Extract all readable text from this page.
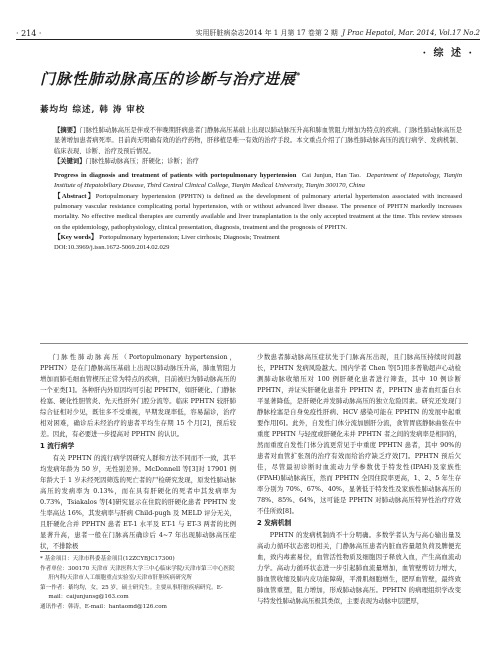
· 214 ·	实用肝脏病杂志2014 年 1 月第 17 卷第 2 期 J Prac Hepatol, Mar. 2014, Vol.17 No.2
· 综 述 ·
门脉性肺动脉高压的诊断与治疗进展*
綦均均 综述, 韩 涛 审校

【摘要】门脉性肺动脉高压是伴或不伴晚期肝病患者门静脉高压基础上出现以肺动脉压升高和肺血管阻力增加为特点的疾病。门脉性肺动脉高压是显著增加患者病死率。目前尚无明确有效的治疗药物，肝移植是唯一有效的治疗手段。本文重点介绍了门脉性肺动脉高压的流行病学、发病机制、临床表现、诊断、治疗及预后情况。

【关键词】门脉性肺动脉高压；肝硬化；诊断；治疗

Progress in diagnosis and treatment of patients with portopulmonary hypertension Cai Junjun, Han Tao. Department of Hepatology, Tianjin Institute of Hepatobiliary Disease, Third Central Clinical College, Tianjin Medical University, Tianjin 300170, China

【Abstract】Portopulmonary hypertension (PPHTN) is defined as the development of pulmonary arterial hypertension associated with increased pulmonary vascular resistance complicating portal hypertension, with or without advanced liver disease. The presence of PPHTN markedly increases mortality. No effective medical therapies are currently available and liver transplantation is the only accepted treatment at the time. This review stresses on the epidemiology, pathophysiology, clinical presentation, diagnosis, treatment and the prognosis of PPHTN.

【Key words】 Portopulmonary hypertension; Liver cirrhosis; Diagnosis; Treatment

DOI:10.3969/j.issn.1672-5069.2014.02.029

门脉性肺动脉高压（Portopulmonary hypertension，PPHTN）是在门静脉高压基础上出现以肺动脉压升高，肺血管阻力增加而肺毛细血管楔压正常为特点的疾病，目前被归为肺动脉高压的一个亚类[1]。各种肝内外原因均可引起 PPHTN，如肝硬化、门静脉栓塞、硬化性胆管炎、先天性肝外门腔分流等。临床 PPHTN 较肝肺综合征相对少见，既往多不受重视，早期发现率低，容易漏诊，治疗相对困难，确诊后未经治疗的患者平均生存期 15 个月[2]，预后较差。因此，有必要进一步提高对 PPHTN 的认识。

1 流行病学

有关 PPHTN 的流行病学因研究人群和方法不同而不一致，其平均发病年龄为 50 岁，无性别差异。McDonnell 等[3]对 17901 例年龄大于 1 岁未经死因筛选的死亡者的尸检研究发现，原发性肺动脉高压的发病率为 0.13%，而在具有肝硬化的死者中其发病率为 0.73%，Tsiakalos 等[4]研究显示在住院的肝硬化患者 PPHTN 发生率高达 16%，其发病率与肝病 Child-pugh 及 MELD 评分无关，且肝硬化合并 PPHTN 患者 ET-1 水平及 ET-1 与 ET-3 两者的比例显著升高，患者一般在门脉高压确诊后 4~7 年出现肺动脉高压症状，不排除极

少数患者肺动脉高压症状先于门脉高压出现，且门脉高压持续时间越长，PPHTN 发病风险越大。国内学者 Chen 等[5]用多普勒超声心动检测肺动脉收缩压对 100 例肝硬化患者进行筛查，其中 10 例诊断 PPHTN，并证实肝硬化患者升 PPHTN 者，PPHTN 患者血红蛋白水平显著降低，是肝硬化并发肺动脉高压的独立危险因素。研究还发现门静脉栓塞是自身免疫性肝病、HCV 感染可能在 PPHTN 的发展中起重要作用[6]。此外，自发性门体分流加剧肝分流，食管胃底静脉曲张在中重度 PPHTN 与轻度或肝硬化未并 PPHTN 者之间的发病率是相同的，然而重度自发性门体分流更常见于中重度 PPHTN 患者，其中 90%的患者对血管扩张剂的治疗有效而给治疗缺乏疗效[7]。PPHTN 预后欠佳，尽管最初诊断时血流动力学参数优于特发性(IPAH)及家族性(FPAH)肺动脉高压，然而 PPHTN 全因住院率更高，1、2、5 年生存率分别为 70%、67%、40%，显著低于特发性及家族性肺动脉高压的 78%、85%、64%，这可能是 PPHTN 对肺动脉高压特异性治疗疗效不佳所致[8]。

2 发病机制

PPHTN 的发病机制尚不十分明确。多数学者认为与高心输出量及高动力循环状态密切相关，门静脉高压患者内脏血容量超负荷及脾便充血，致内毒素易位，血管活性物质及细胞因子释放入血，产生高血流动力学。高动力循环状态进一步引起肺血流量增加，血管壁剪切力增大，肺血管收缩及肺内皮功能障碍，平滑肌细胞增生，肥厚血管壁，最终致肺血管重塑，阻力增加，形成肺动脉高压。PPHTN 的病理组织学改变与特发性肺动脉高压极其类似，主要表现为动脉中层肥厚，

* 基金项目：天津市科委基金项目(12ZCYBJC17300)

作者单位：300170 天津市 天津医科大学三中心临床学院/天津市第三中心医院肝内科/天津市人工细胞重点实验室/天津市肝胆疾病研究所

第一作者：綦均均，女，25 岁，硕士研究生。主要从事肝脏疾病研究。E-mail：caijunjunsg@163.com

通讯作者：韩涛，E-mail：hantaomd@126.com
